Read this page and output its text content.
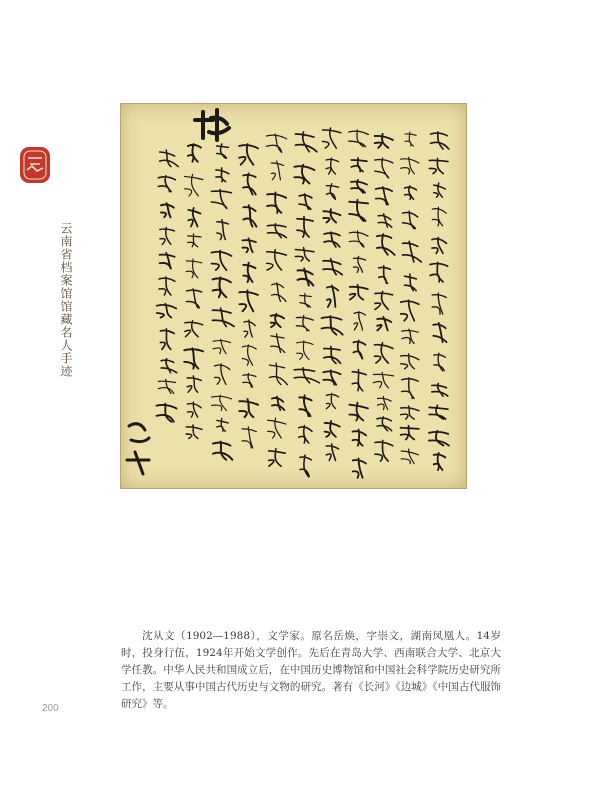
云南省档案馆馆藏名人手迹

沈从文（1902—1988），文学家。原名岳焕，字崇文，湖南凤凰人。14岁时，投身行伍，1924年开始文学创作。先后在青岛大学、西南联合大学、北京大学任教。中华人民共和国成立后，在中国历史博物馆和中国社会科学院历史研究所工作，主要从事中国古代历史与文物的研究。著有《长河》《边城》《中国古代服饰研究》等。

200
